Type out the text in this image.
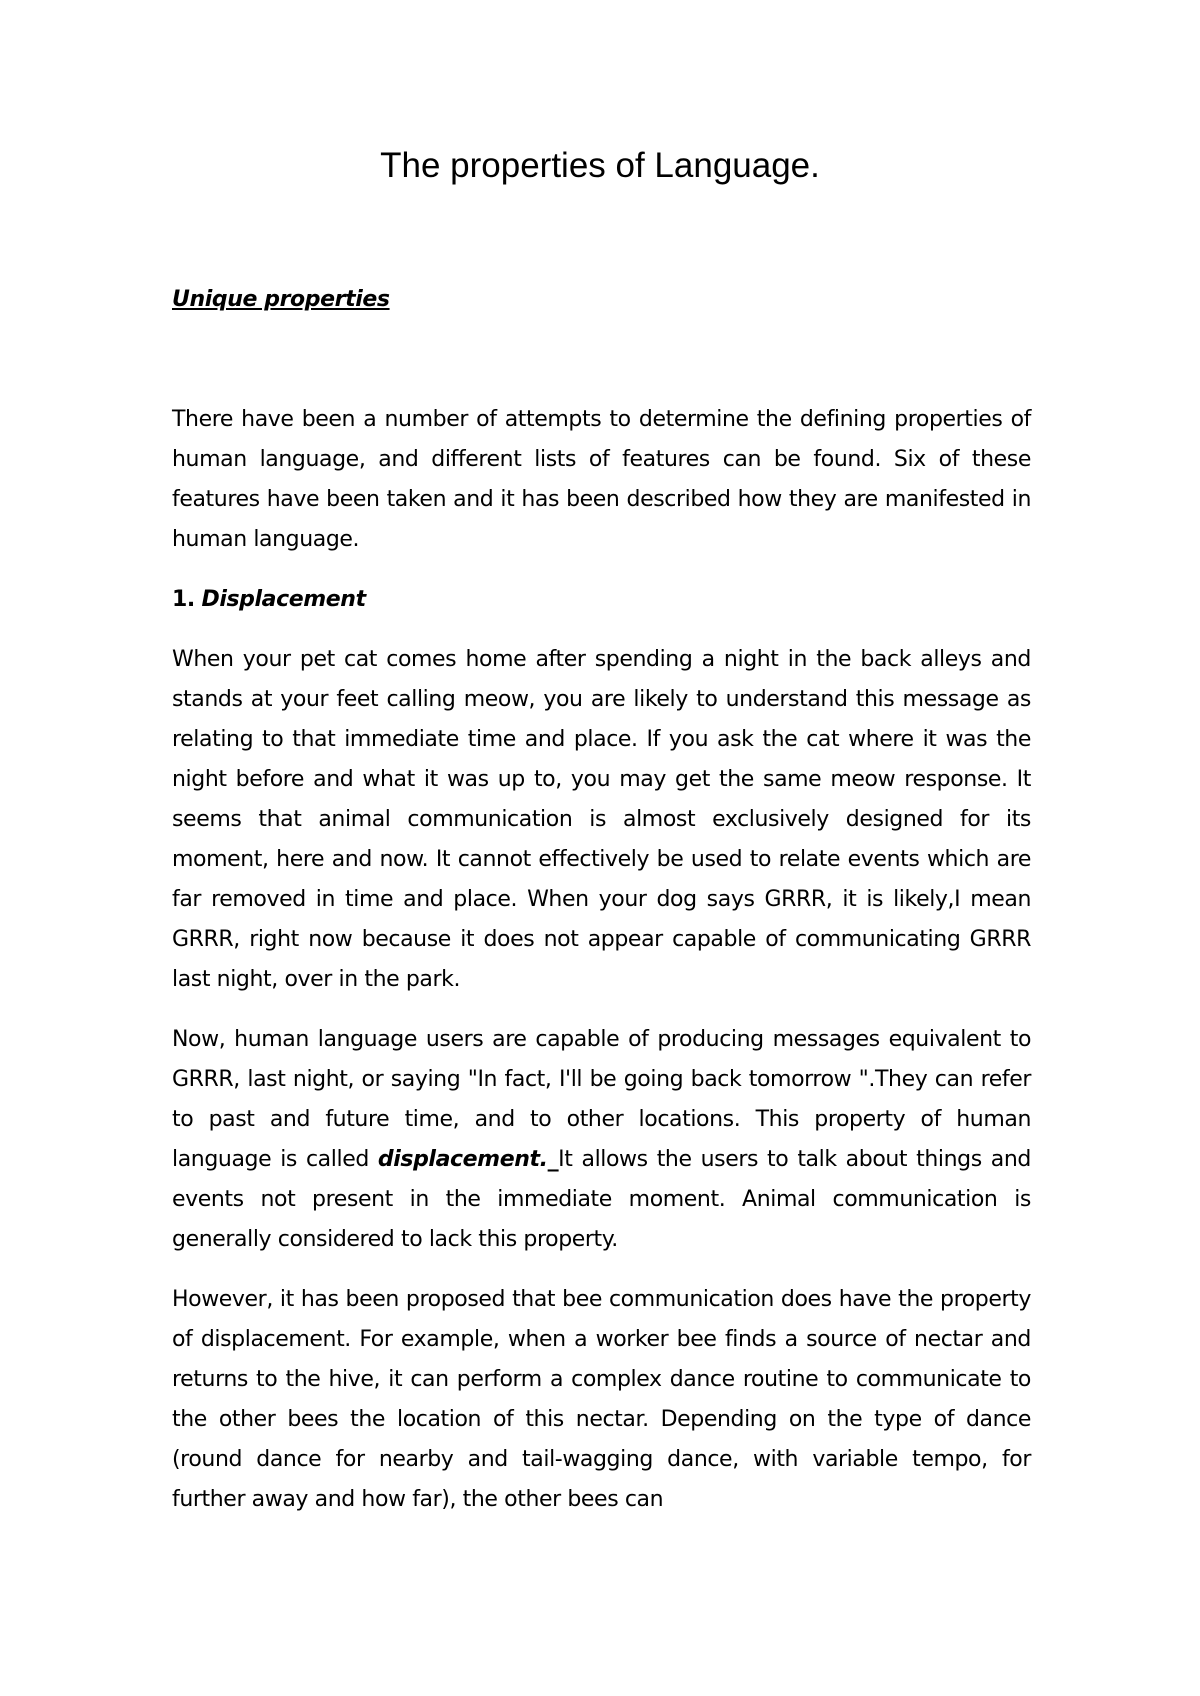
The properties of Language.
Unique properties

There have been a number of attempts to determine the defining properties of human language, and different lists of features can be found. Six of these features have been taken and it has been described how they are manifested in human language.

1. Displacement

When your pet cat comes home after spending a night in the back alleys and stands at your feet calling meow, you are likely to understand this message as relating to that immediate time and place. If you ask the cat where it was the night before and what it was up to, you may get the same meow response. It seems that animal communication is almost exclusively designed for its moment, here and now. It cannot effectively be used to relate events which are far removed in time and place. When your dog says GRRR, it is likely,I mean GRRR, right now because it does not appear capable of communicating GRRR last night, over in the park.

Now, human language users are capable of producing messages equivalent to GRRR, last night, or saying "In fact, I'll be going back tomorrow ".They can refer to past and future time, and to other locations. This property of human language is called displacement._It allows the users to talk about things and events not present in the immediate moment. Animal communication is generally considered to lack this property.

However, it has been proposed that bee communication does have the property of displacement. For example, when a worker bee finds a source of nectar and returns to the hive, it can perform a complex dance routine to communicate to the other bees the location of this nectar. Depending on the type of dance (round dance for nearby and tail-wagging dance, with variable tempo, for further away and how far), the other bees can
